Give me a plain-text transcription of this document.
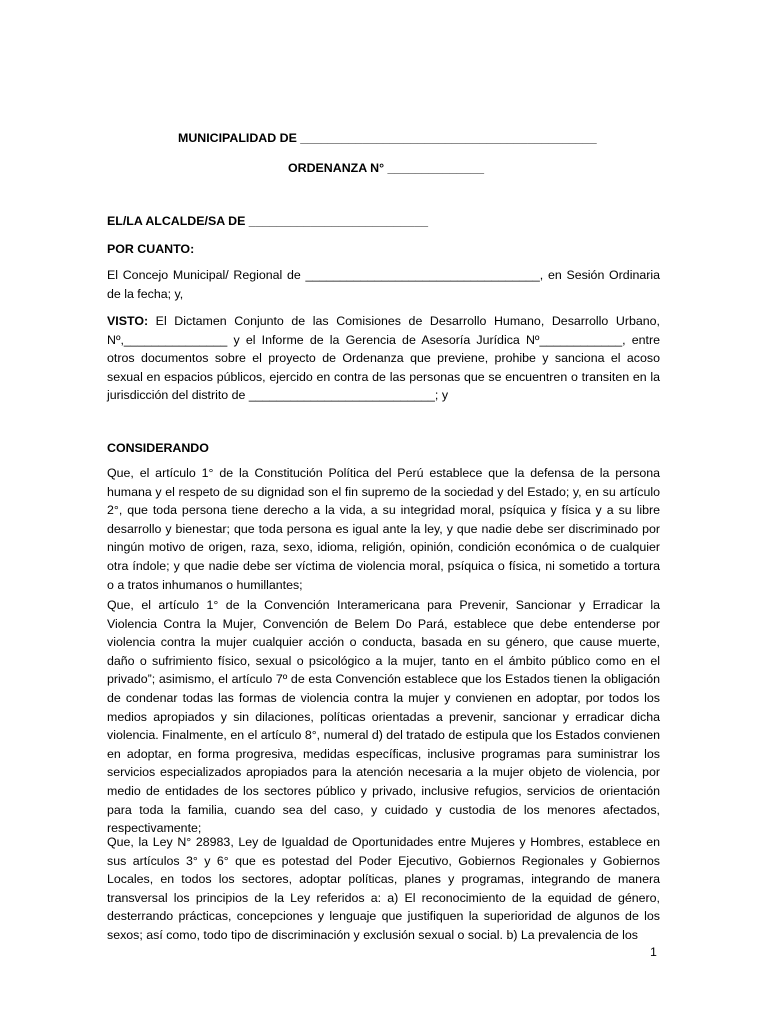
MUNICIPALIDAD DE ___________________________________________
ORDENANZA N° ______________
EL/LA ALCALDE/SA DE __________________________
POR CUANTO:

El Concejo Municipal/ Regional de __________________________________, en Sesión Ordinaria de la fecha; y,

VISTO: El Dictamen Conjunto de las Comisiones de Desarrollo Humano, Desarrollo Urbano, Nº,_______________ y el Informe de la Gerencia de Asesoría Jurídica Nº____________, entre otros documentos sobre el proyecto de Ordenanza que previene, prohibe y sanciona el acoso sexual en espacios públicos, ejercido en contra de las personas que se encuentren o transiten en la jurisdicción del distrito de ___________________________; y

CONSIDERANDO

Que, el artículo 1° de la Constitución Política del Perú establece que la defensa de la persona humana y el respeto de su dignidad son el fin supremo de la sociedad y del Estado; y, en su artículo 2°, que toda persona tiene derecho a la vida, a su integridad moral, psíquica y física y a su libre desarrollo y bienestar; que toda persona es igual ante la ley, y que nadie debe ser discriminado por ningún motivo de origen, raza, sexo, idioma, religión, opinión, condición económica o de cualquier otra índole; y que nadie debe ser víctima de violencia moral, psíquica o física, ni sometido a tortura o a tratos inhumanos o humillantes;

Que, el artículo 1° de la Convención Interamericana para Prevenir, Sancionar y Erradicar la Violencia Contra la Mujer, Convención de Belem Do Pará, establece que debe entenderse por violencia contra la mujer cualquier acción o conducta, basada en su género, que cause muerte, daño o sufrimiento físico, sexual o psicológico a la mujer, tanto en el ámbito público como en el privado”; asimismo, el artículo 7º de esta Convención establece que los Estados tienen la obligación de condenar todas las formas de violencia contra la mujer y convienen en adoptar, por todos los medios apropiados y sin dilaciones, políticas orientadas a prevenir, sancionar y erradicar dicha violencia. Finalmente, en el artículo 8°, numeral d) del tratado de estipula que los Estados convienen en adoptar, en forma progresiva, medidas específicas, inclusive programas para suministrar los servicios especializados apropiados para la atención necesaria a la mujer objeto de violencia, por medio de entidades de los sectores público y privado, inclusive refugios, servicios de orientación para toda la familia, cuando sea del caso, y cuidado y custodia de los menores afectados, respectivamente;

Que, la Ley N° 28983, Ley de Igualdad de Oportunidades entre Mujeres y Hombres, establece en sus artículos 3° y 6° que es potestad del Poder Ejecutivo, Gobiernos Regionales y Gobiernos Locales, en todos los sectores, adoptar políticas, planes y programas, integrando de manera transversal los principios de la Ley referidos a: a) El reconocimiento de la equidad de género, desterrando prácticas, concepciones y lenguaje que justifiquen la superioridad de algunos de los sexos; así como, todo tipo de discriminación y exclusión sexual o social. b) La prevalencia de los

1
